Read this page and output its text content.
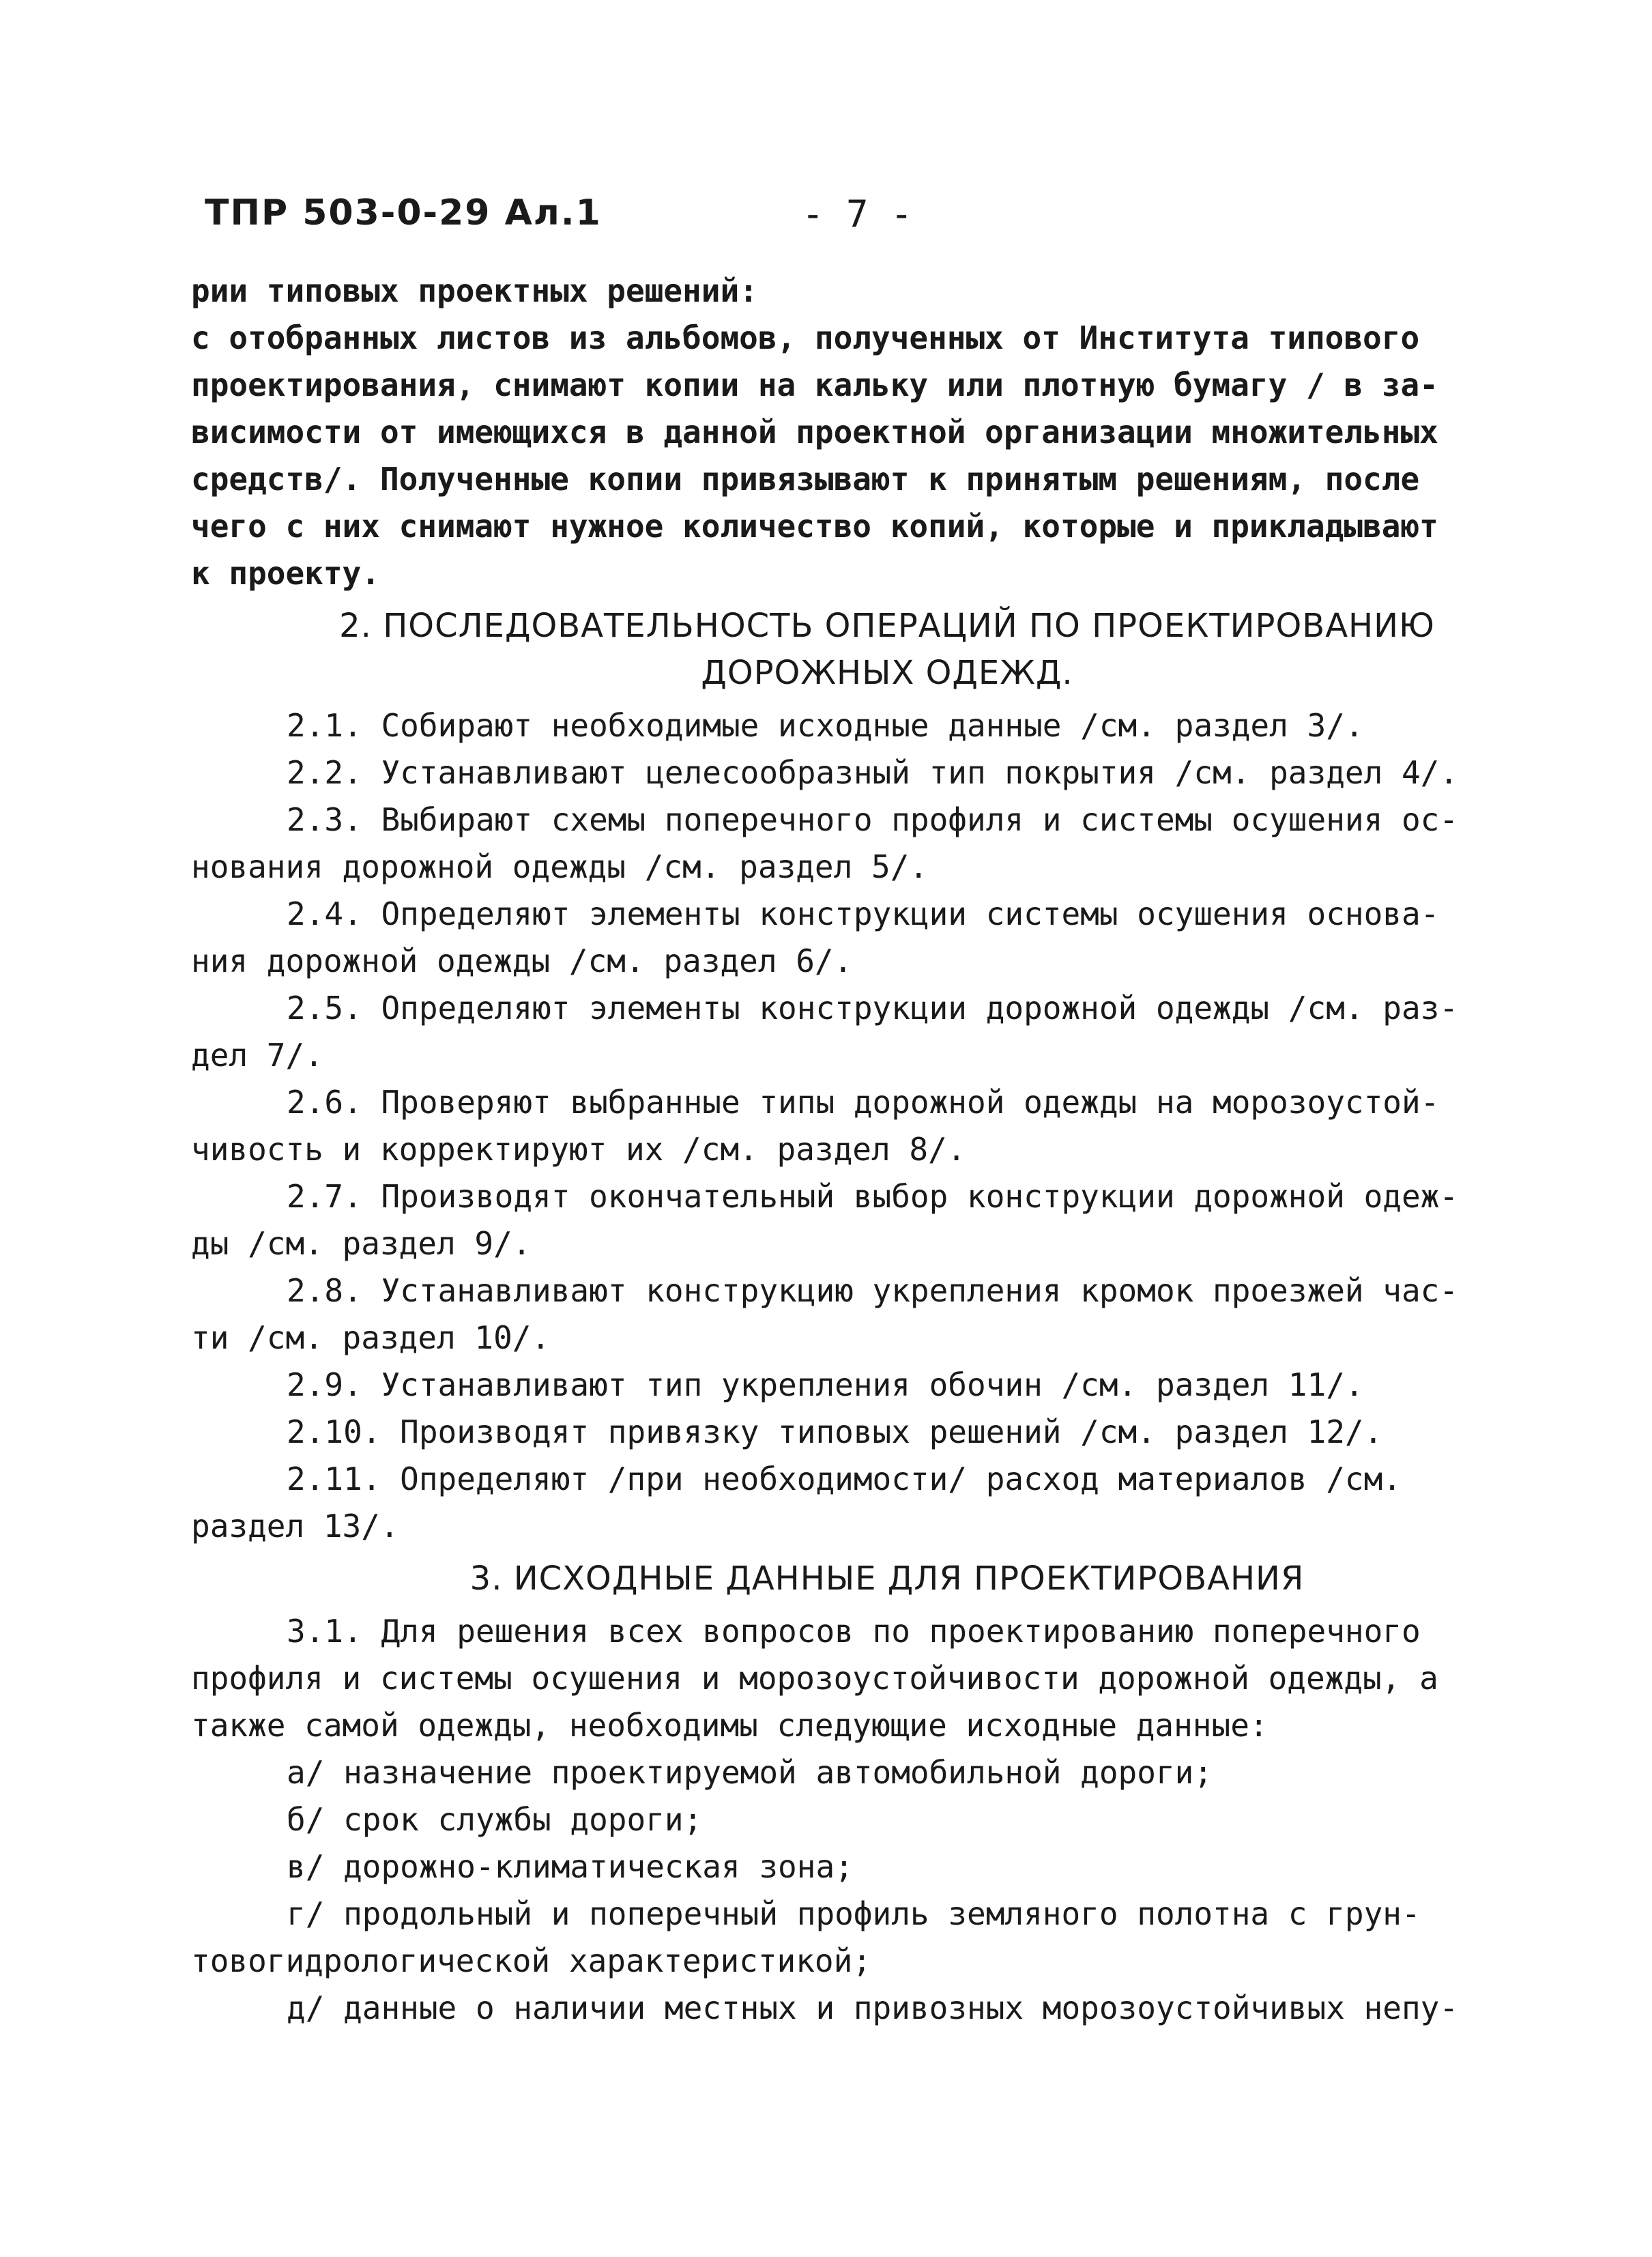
ТПР 503-0-29 Ал.1	- 7 -
рии типовых проектных решений:
с отобранных листов из альбомов, полученных от Института типового
проектирования, снимают копии на кальку или плотную бумагу / в за-
висимости от имеющихся в данной проектной организации множительных
средств/. Полученные копии привязывают к принятым решениям, после
чего с них снимают нужное количество копий, которые и прикладывают
к проекту.
2. ПОСЛЕДОВАТЕЛЬНОСТЬ ОПЕРАЦИЙ ПО ПРОЕКТИРОВАНИЮ
ДОРОЖНЫХ ОДЕЖД.
2.1. Собирают необходимые исходные данные /см. раздел 3/.
2.2. Устанавливают целесообразный тип покрытия /см. раздел 4/.
2.3. Выбирают схемы поперечного профиля и системы осушения ос-
нования дорожной одежды /см. раздел 5/.
2.4. Определяют элементы конструкции системы осушения основа-
ния дорожной одежды /см. раздел 6/.
2.5. Определяют элементы конструкции дорожной одежды /см. раз-
дел 7/.
2.6. Проверяют выбранные типы дорожной одежды на морозоустой-
чивость и корректируют их /см. раздел 8/.
2.7. Производят окончательный выбор конструкции дорожной одеж-
ды /см. раздел 9/.
2.8. Устанавливают конструкцию укрепления кромок проезжей час-
ти /см. раздел 10/.
2.9. Устанавливают тип укрепления обочин /см. раздел 11/.
2.10. Производят привязку типовых решений /см. раздел 12/.
2.11. Определяют /при необходимости/ расход материалов /см.
раздел 13/.
3. ИСХОДНЫЕ ДАННЫЕ ДЛЯ ПРОЕКТИРОВАНИЯ
3.1. Для решения всех вопросов по проектированию поперечного
профиля и системы осушения и морозоустойчивости дорожной одежды, а
также самой одежды, необходимы следующие исходные данные:
а/ назначение проектируемой автомобильной дороги;
б/ срок службы дороги;
в/ дорожно-климатическая зона;
г/ продольный и поперечный профиль земляного полотна с грун-
товогидрологической характеристикой;
д/ данные о наличии местных и привозных морозоустойчивых непу-
